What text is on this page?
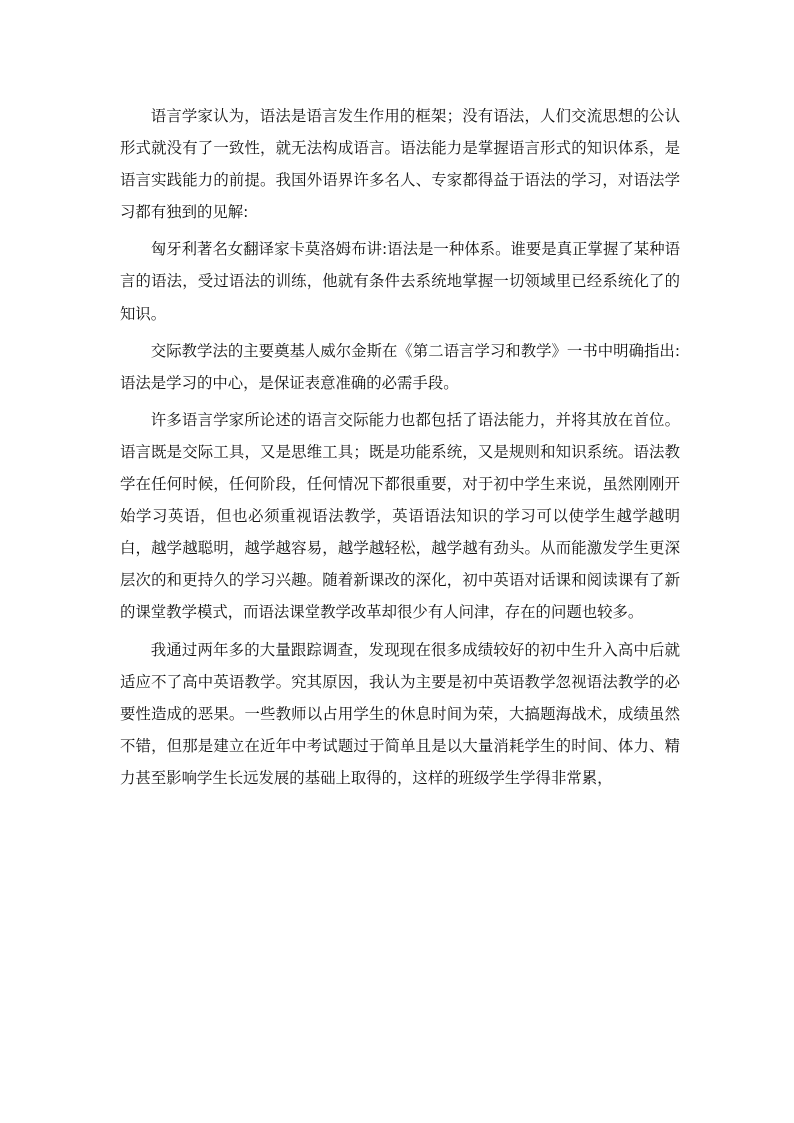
语言学家认为，语法是语言发生作用的框架；没有语法，人们交流思想的公认形式就没有了一致性，就无法构成语言。语法能力是掌握语言形式的知识体系，是语言实践能力的前提。我国外语界许多名人、专家都得益于语法的学习，对语法学习都有独到的见解:

匈牙利著名女翻译家卡莫洛姆布讲:语法是一种体系。谁要是真正掌握了某种语言的语法，受过语法的训练，他就有条件去系统地掌握一切领域里已经系统化了的知识。

交际教学法的主要奠基人威尔金斯在《第二语言学习和教学》一书中明确指出:语法是学习的中心，是保证表意准确的必需手段。

许多语言学家所论述的语言交际能力也都包括了语法能力，并将其放在首位。语言既是交际工具，又是思维工具；既是功能系统，又是规则和知识系统。语法教学在任何时候，任何阶段，任何情况下都很重要，对于初中学生来说，虽然刚刚开始学习英语，但也必须重视语法教学，英语语法知识的学习可以使学生越学越明白，越学越聪明，越学越容易，越学越轻松，越学越有劲头。从而能激发学生更深层次的和更持久的学习兴趣。随着新课改的深化，初中英语对话课和阅读课有了新的课堂教学模式，而语法课堂教学改革却很少有人问津，存在的问题也较多。

我通过两年多的大量跟踪调查，发现现在很多成绩较好的初中生升入高中后就适应不了高中英语教学。究其原因，我认为主要是初中英语教学忽视语法教学的必要性造成的恶果。一些教师以占用学生的休息时间为荣，大搞题海战术，成绩虽然不错，但那是建立在近年中考试题过于简单且是以大量消耗学生的时间、体力、精力甚至影响学生长远发展的基础上取得的，这样的班级学生学得非常累，
